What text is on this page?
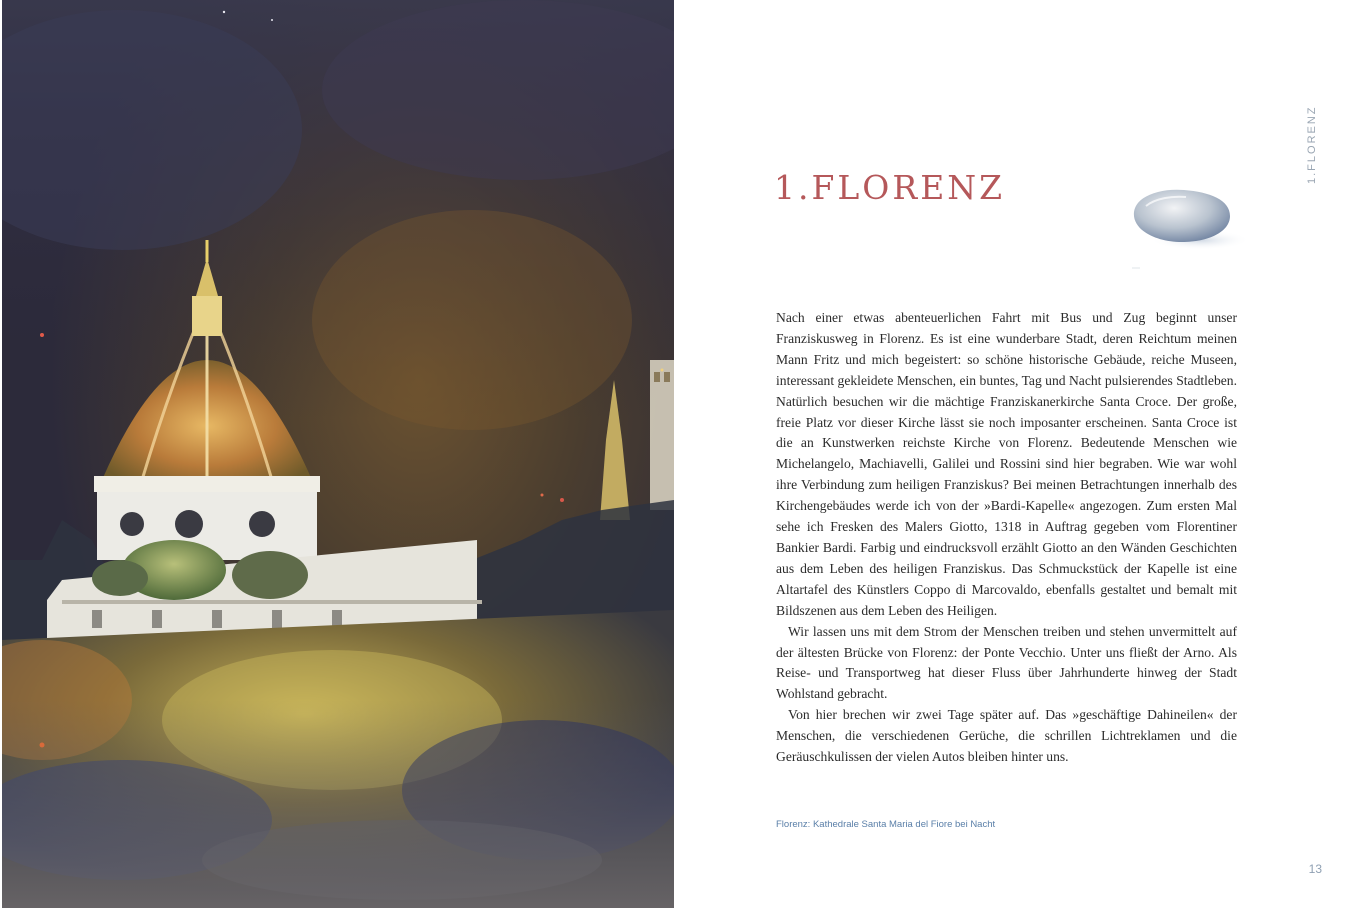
1.FLORENZ
1.FLORENZ

Nach einer etwas abenteuerlichen Fahrt mit Bus und Zug beginnt unser Franziskusweg in Florenz. Es ist eine wunderbare Stadt, deren Reichtum meinen Mann Fritz und mich begeistert: so schöne historische Gebäude, reiche Museen, interessant gekleidete Menschen, ein buntes, Tag und Nacht pulsierendes Stadtleben. Natürlich besuchen wir die mächtige Franziskanerkirche Santa Croce. Der große, freie Platz vor dieser Kirche lässt sie noch imposanter erscheinen. Santa Croce ist die an Kunstwerken reichste Kirche von Florenz. Bedeutende Menschen wie Michelangelo, Machiavelli, Galilei und Rossini sind hier begraben. Wie war wohl ihre Verbindung zum heiligen Franziskus? Bei meinen Betrachtungen innerhalb des Kirchengebäudes werde ich von der »Bardi-Kapelle« angezogen. Zum ersten Mal sehe ich Fresken des Malers Giotto, 1318 in Auftrag gegeben vom Florentiner Bankier Bardi. Farbig und eindrucksvoll erzählt Giotto an den Wänden Geschichten aus dem Leben des heiligen Franziskus. Das Schmuckstück der Kapelle ist eine Altartafel des Künstlers Coppo di Marcovaldo, ebenfalls gestaltet und bemalt mit Bildszenen aus dem Leben des Heiligen.

Wir lassen uns mit dem Strom der Menschen treiben und stehen unvermittelt auf der ältesten Brücke von Florenz: der Ponte Vecchio. Unter uns fließt der Arno. Als Reise- und Transportweg hat dieser Fluss über Jahrhunderte hinweg der Stadt Wohlstand gebracht.

Von hier brechen wir zwei Tage später auf. Das »geschäftige Dahineilen« der Menschen, die verschiedenen Gerüche, die schrillen Lichtreklamen und die Geräuschkulissen der vielen Autos bleiben hinter uns.

Florenz: Kathedrale Santa Maria del Fiore bei Nacht
13
